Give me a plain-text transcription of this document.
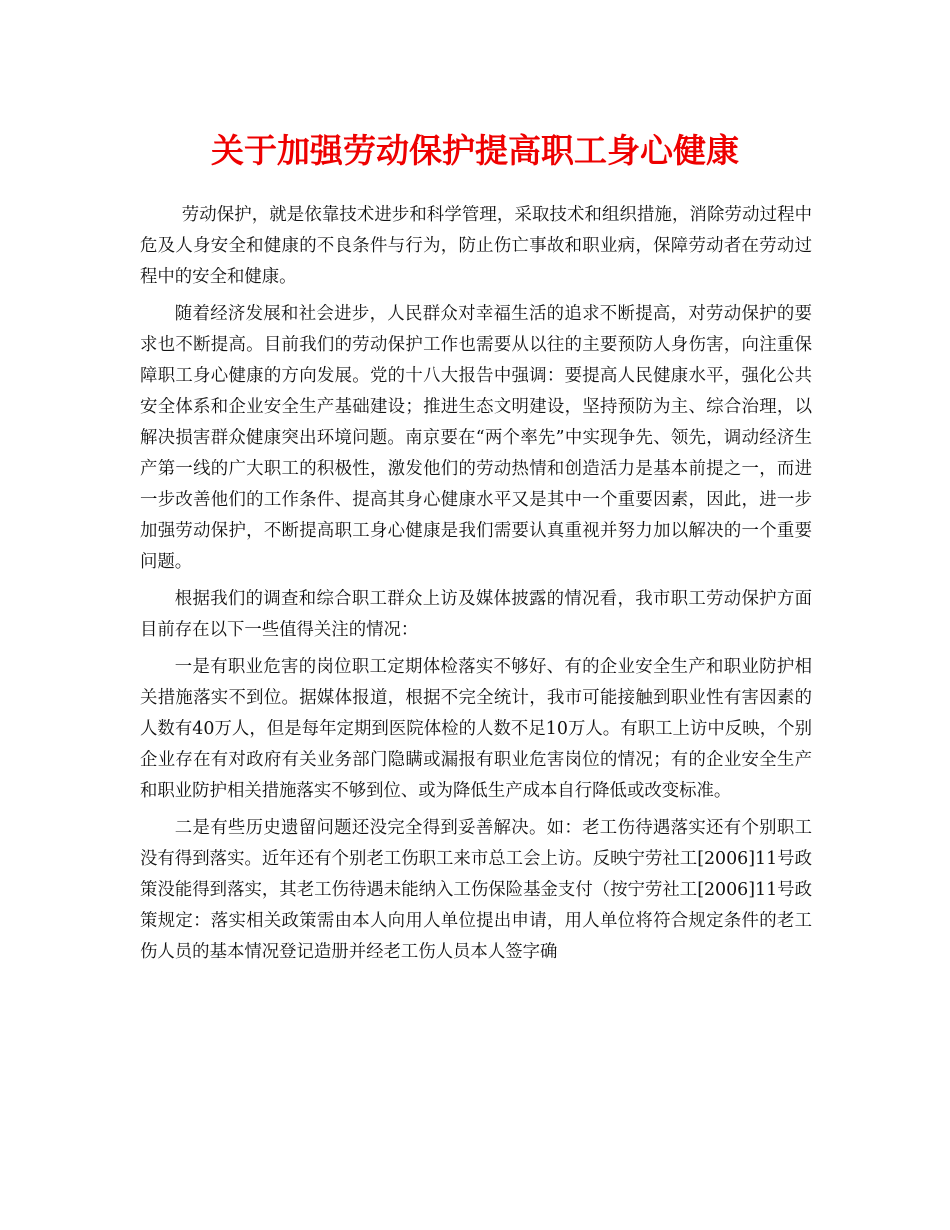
关于加强劳动保护提高职工身心健康

劳动保护，就是依靠技术进步和科学管理，采取技术和组织措施，消除劳动过程中危及人身安全和健康的不良条件与行为，防止伤亡事故和职业病，保障劳动者在劳动过程中的安全和健康。

随着经济发展和社会进步，人民群众对幸福生活的追求不断提高，对劳动保护的要求也不断提高。目前我们的劳动保护工作也需要从以往的主要预防人身伤害，向注重保障职工身心健康的方向发展。党的十八大报告中强调：要提高人民健康水平，强化公共安全体系和企业安全生产基础建设；推进生态文明建设，坚持预防为主、综合治理，以解决损害群众健康突出环境问题。南京要在“两个率先”中实现争先、领先，调动经济生产第一线的广大职工的积极性，激发他们的劳动热情和创造活力是基本前提之一，而进一步改善他们的工作条件、提高其身心健康水平又是其中一个重要因素，因此，进一步加强劳动保护，不断提高职工身心健康是我们需要认真重视并努力加以解决的一个重要问题。

根据我们的调查和综合职工群众上访及媒体披露的情况看，我市职工劳动保护方面目前存在以下一些值得关注的情况：

一是有职业危害的岗位职工定期体检落实不够好、有的企业安全生产和职业防护相关措施落实不到位。据媒体报道，根据不完全统计，我市可能接触到职业性有害因素的人数有40万人，但是每年定期到医院体检的人数不足10万人。有职工上访中反映，个别企业存在有对政府有关业务部门隐瞒或漏报有职业危害岗位的情况；有的企业安全生产和职业防护相关措施落实不够到位、或为降低生产成本自行降低或改变标准。

二是有些历史遗留问题还没完全得到妥善解决。如：老工伤待遇落实还有个别职工没有得到落实。近年还有个别老工伤职工来市总工会上访。反映宁劳社工[2006]11号政策没能得到落实，其老工伤待遇未能纳入工伤保险基金支付（按宁劳社工[2006]11号政策规定：落实相关政策需由本人向用人单位提出申请，用人单位将符合规定条件的老工伤人员的基本情况登记造册并经老工伤人员本人签字确
